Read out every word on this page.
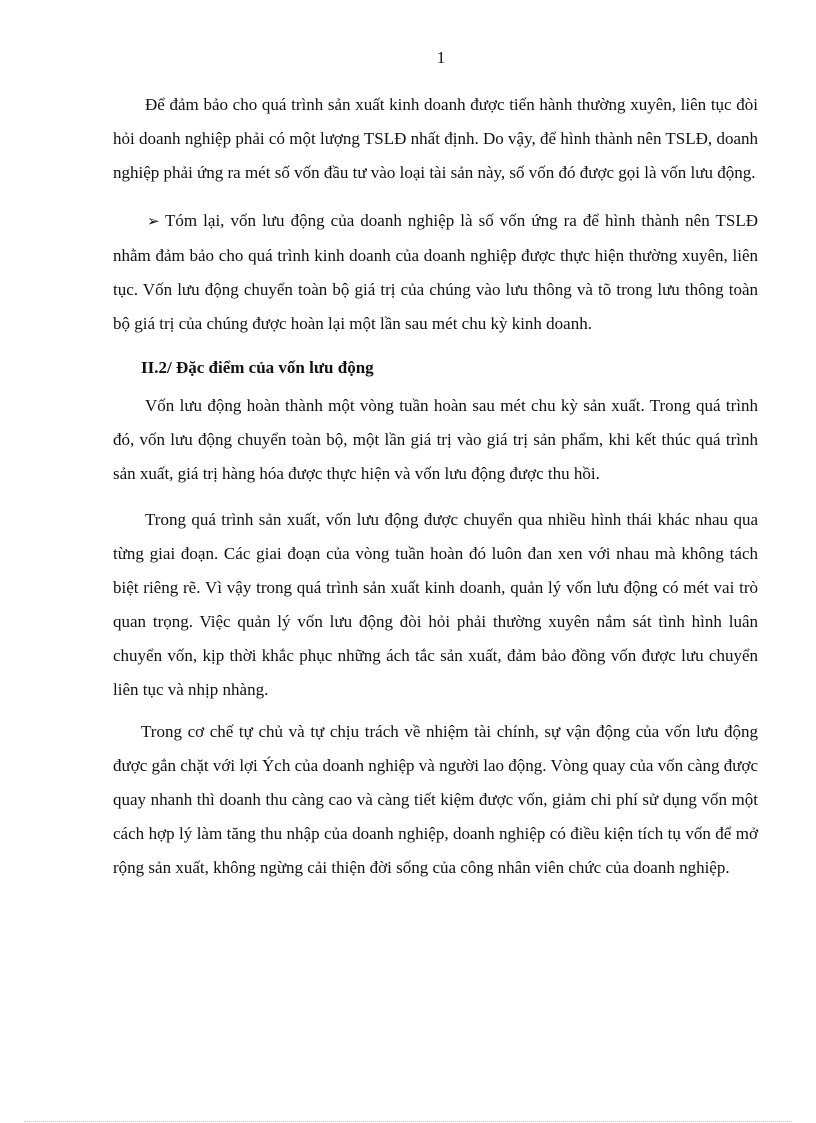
1

Để đảm bảo cho quá trình sản xuất kinh doanh được tiến hành thường xuyên, liên tục đòi hỏi doanh nghiệp phải có một lượng TSLĐ nhất định. Do vậy, để hình thành nên TSLĐ, doanh nghiệp phải ứng ra mét số vốn đầu tư vào loại tài sản này, số vốn đó được gọi là vốn lưu động.

➢ Tóm lại, vốn lưu động của doanh nghiệp là số vốn ứng ra để hình thành nên TSLĐ nhằm đảm bảo cho quá trình kinh doanh của doanh nghiệp được thực hiện thường xuyên, liên tục. Vốn lưu động chuyển toàn bộ giá trị của chúng vào lưu thông và tõ trong lưu thông toàn bộ giá trị của chúng được hoàn lại một lần sau mét chu kỳ kinh doanh.

II.2/ Đặc điểm của vốn lưu động

Vốn lưu động hoàn thành một vòng tuần hoàn sau mét chu kỳ sản xuất. Trong quá trình đó, vốn lưu động chuyển toàn bộ, một lần giá trị vào giá trị sản phẩm, khi kết thúc quá trình sản xuất, giá trị hàng hóa được thực hiện và vốn lưu động được thu hồi.

Trong quá trình sản xuất, vốn lưu động được chuyển qua nhiều hình thái khác nhau qua từng giai đoạn. Các giai đoạn của vòng tuần hoàn đó luôn đan xen với nhau mà không tách biệt riêng rẽ. Vì vậy trong quá trình sản xuất kinh doanh, quản lý vốn lưu động có mét vai trò quan trọng. Việc quản lý vốn lưu động đòi hỏi phải thường xuyên nắm sát tình hình luân chuyển vốn, kịp thời khắc phục những ách tắc sản xuất, đảm bảo đồng vốn được lưu chuyển liên tục và nhịp nhàng.

Trong cơ chế tự chủ và tự chịu trách về nhiệm tài chính, sự vận động của vốn lưu động được gắn chặt với lợi Ých của doanh nghiệp và người lao động. Vòng quay của vốn càng được quay nhanh thì doanh thu càng cao và càng tiết kiệm được vốn, giảm chi phí sử dụng vốn một cách hợp lý làm tăng thu nhập của doanh nghiệp, doanh nghiệp có điều kiện tích tụ vốn để mở rộng sản xuất, không ngừng cải thiện đời sống của công nhân viên chức của doanh nghiệp.
